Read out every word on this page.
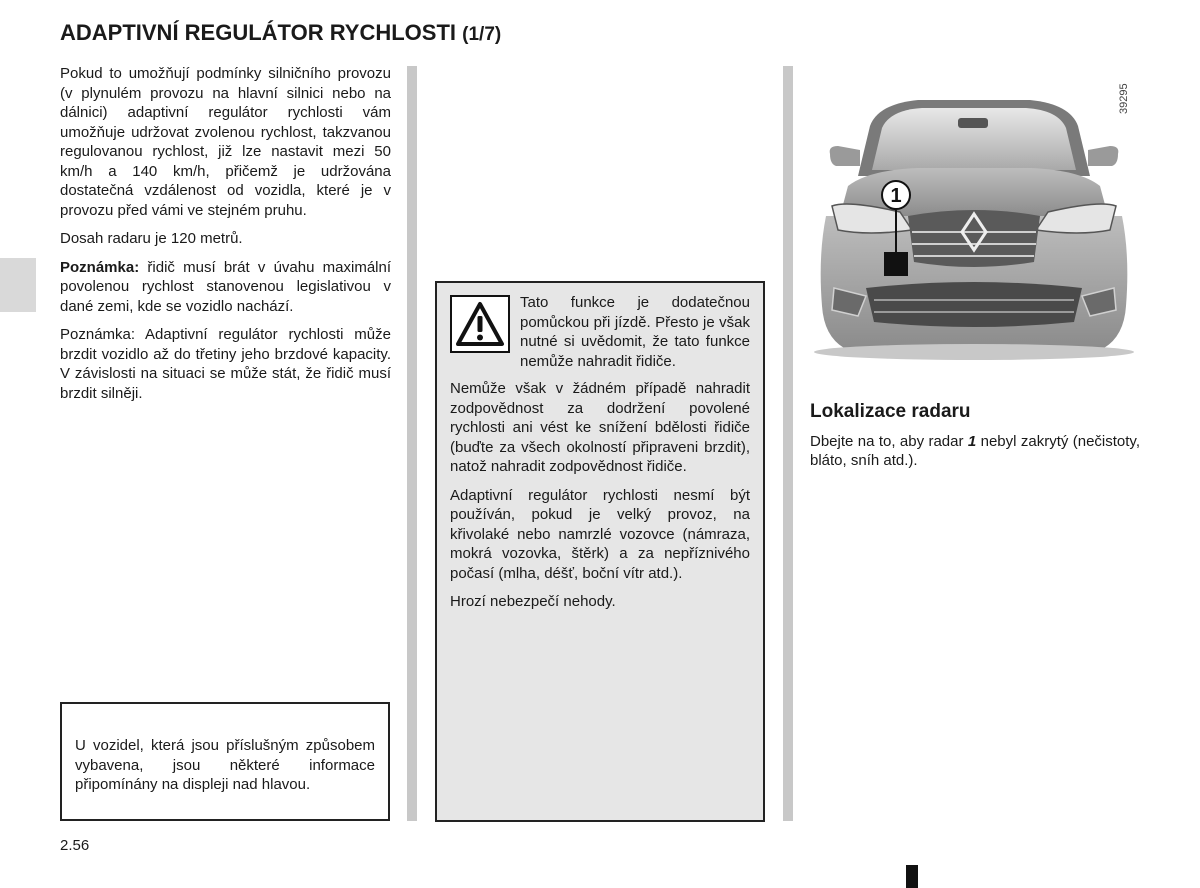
ADAPTIVNÍ REGULÁTOR RYCHLOSTI (1/7)

Pokud to umožňují podmínky silničního provozu (v plynulém provozu na hlavní silnici nebo na dálnici) adaptivní regulátor rychlosti vám umožňuje udržovat zvolenou rychlost, takzvanou regulovanou rychlost, již lze nastavit mezi 50 km/h a 140 km/h, přičemž je udržována dostatečná vzdálenost od vozidla, které je v provozu před vámi ve stejném pruhu.

Dosah radaru je 120 metrů.

Poznámka: řidič musí brát v úvahu maximální povolenou rychlost stanovenou legislativou v dané zemi, kde se vozidlo nachází.

Poznámka: Adaptivní regulátor rychlosti může brzdit vozidlo až do třetiny jeho brzdové kapacity. V závislosti na situaci se může stát, že řidič musí brzdit silněji.

U vozidel, která jsou příslušným způsobem vybavena, jsou některé informace připomínány na displeji nad hlavou.

Tato funkce je dodatečnou pomůckou při jízdě. Přesto je však nutné si uvědomit, že tato funkce nemůže nahradit řidiče.

Nemůže však v žádném případě nahradit zodpovědnost za dodržení povolené rychlosti ani vést ke snížení bdělosti řidiče (buďte za všech okolností připraveni brzdit), natož nahradit zodpovědnost řidiče.

Adaptivní regulátor rychlosti nesmí být používán, pokud je velký provoz, na křivolaké nebo namrzlé vozovce (námraza, mokrá vozovka, štěrk) a za nepříznivého počasí (mlha, déšť, boční vítr atd.).

Hrozí nebezpečí nehody.

1
39295
Lokalizace radaru

Dbejte na to, aby radar 1 nebyl zakrytý (nečistoty, bláto, sníh atd.).

2.56
